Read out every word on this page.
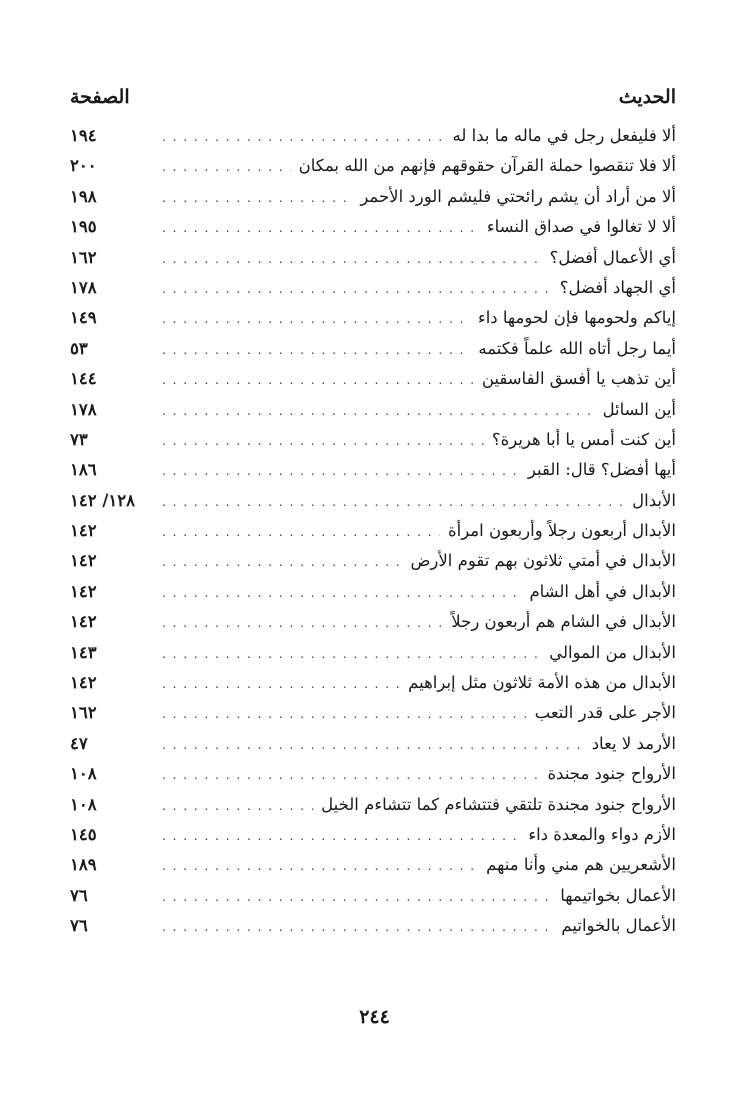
الحديث
الصفحة
ألا فليفعل رجل في ماله ما بدا له
. . .
١٩٤
ألا فلا تنقصوا حملة القرآن حقوقهم فإنهم من الله بمكان
. . .
٢٠٠
ألا من أراد أن يشم رائحتي فليشم الورد الأحمر
. . .
١٩٨
ألا لا تغالوا في صداق النساء
. . .
١٩٥
أي الأعمال أفضل؟
. . .
١٦٢
أي الجهاد أفضل؟
. . .
١٧٨
إياكم ولحومها فإن لحومها داء
. . .
١٤٩
أيما رجل أتاه الله علماً فكتمه
. . .
٥٣
أين تذهب يا أفسق الفاسقين
. . .
١٤٤
أين السائل
. . .
١٧٨
أين كنت أمس يا أبا هريرة؟
. . .
٧٣
أيها أفضل؟ قال: القبر
. . .
١٨٦
الأبدال
. . .
١٢٨/ ١٤٢
الأبدال أربعون رجلاً وأربعون امرأة
. . .
١٤٢
الأبدال في أمتي ثلاثون بهم تقوم الأرض
. . .
١٤٢
الأبدال في أهل الشام
. . .
١٤٢
الأبدال في الشام هم أربعون رجلاً
. . .
١٤٢
الأبدال من الموالي
. . .
١٤٣
الأبدال من هذه الأمة ثلاثون مثل إبراهيم
. . .
١٤٢
الأجر على قدر التعب
. . .
١٦٢
الأرمد لا يعاد
. . .
٤٧
الأرواح جنود مجندة
. . .
١٠٨
الأرواح جنود مجندة تلتقي فتتشاءم كما تتشاءم الخيل
. . .
١٠٨
الأزم دواء والمعدة داء
. . .
١٤٥
الأشعريين هم مني وأنا منهم
. . .
١٨٩
الأعمال بخواتيمها
. . .
٧٦
الأعمال بالخواتيم
. . .
٧٦
٢٤٤
